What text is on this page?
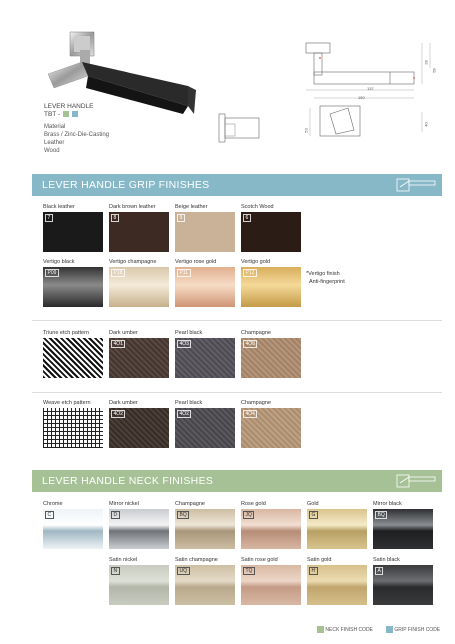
LEVER HANDLE
TBT -
Material
Brass / Zinc-Die-Casting
Leather
Wood
137
150
28
58
53
40
LEVER HANDLE GRIP FINISHES
Black leather
7
Dark brown leather
8
Beige leather
9
Scotch Wood
6
Vertigo black
P09
Vertigo champagne
P18
Vertigo rose gold
P11
Vertigo gold
P12
Triune etch pattern	Dark umber
4O1
Pearl black
4O3
Champagne
4O8
Weave etch pattern	Dark umber
4O2
Pearl black
4O2
Champagne
4O4
LEVER HANDLE NECK FINISHES
Chrome
C
Mirror nickel
D
Champagne
BQ
Rose gold
JQ
Gold
G
Mirror black
BQ
Satin nickel
N
Satin champagne
UQ
Satin rose gold
TQ
Satin gold
H
Satin black
A
NECK FINISH CODE	GRIP FINISH CODE
*Vertigo finish
Anti-fingerprint
